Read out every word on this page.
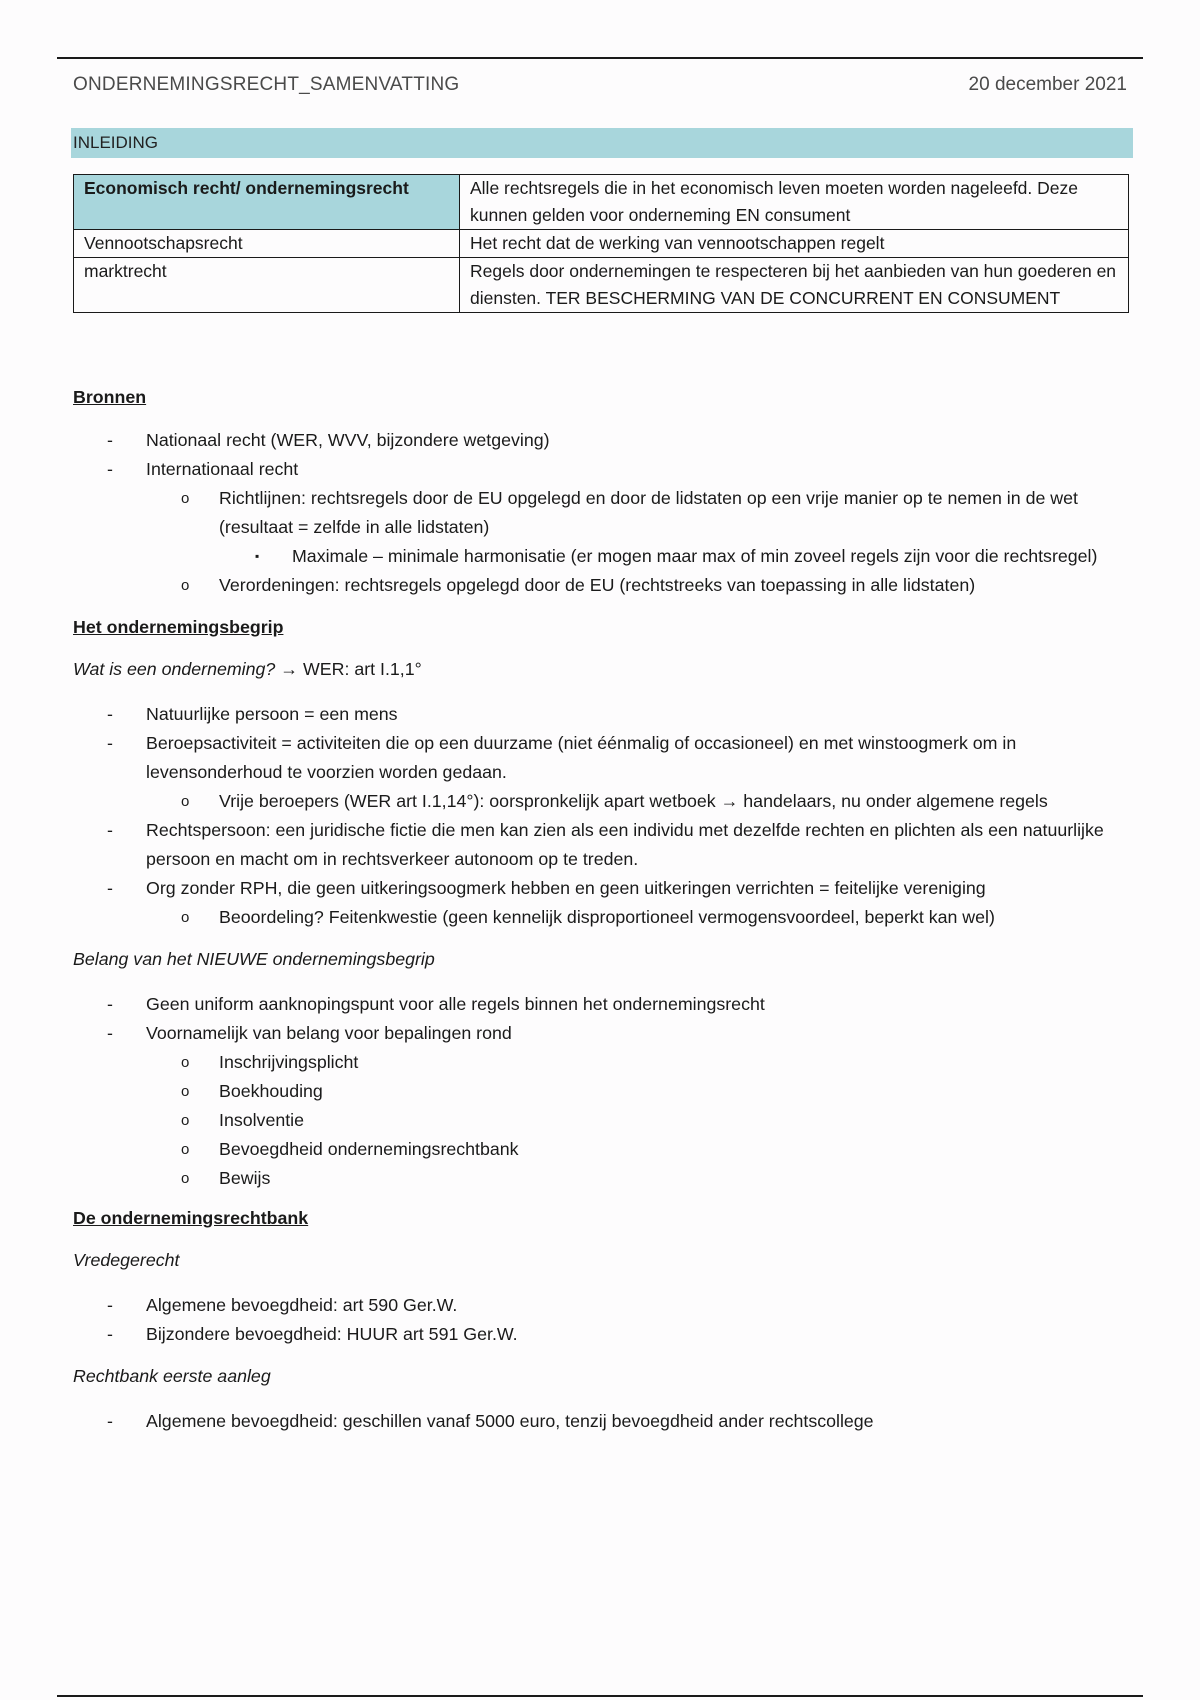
ONDERNEMINGSRECHT_SAMENVATTING	20 december 2021
INLEIDING
Economisch recht/ ondernemingsrecht	Alle rechtsregels die in het economisch leven moeten worden nageleefd. Deze kunnen gelden voor onderneming EN consument
Vennootschapsrecht	Het recht dat de werking van vennootschappen regelt
marktrecht	Regels door ondernemingen te respecteren bij het aanbieden van hun goederen en diensten. TER BESCHERMING VAN DE CONCURRENT EN CONSUMENT

Bronnen

- Nationaal recht (WER, WVV, bijzondere wetgeving)
- Internationaal recht
o Richtlijnen: rechtsregels door de EU opgelegd en door de lidstaten op een vrije manier op te nemen in de wet (resultaat = zelfde in alle lidstaten)
▪ Maximale – minimale harmonisatie (er mogen maar max of min zoveel regels zijn voor die rechtsregel)
o Verordeningen: rechtsregels opgelegd door de EU (rechtstreeks van toepassing in alle lidstaten)

Het ondernemingsbegrip

Wat is een onderneming? → WER: art I.1,1°

- Natuurlijke persoon = een mens
- Beroepsactiviteit = activiteiten die op een duurzame (niet éénmalig of occasioneel) en met winstoogmerk om in levensonderhoud te voorzien worden gedaan.
o Vrije beroepers (WER art I.1,14°): oorspronkelijk apart wetboek → handelaars, nu onder algemene regels
- Rechtspersoon: een juridische fictie die men kan zien als een individu met dezelfde rechten en plichten als een natuurlijke persoon en macht om in rechtsverkeer autonoom op te treden.
- Org zonder RPH, die geen uitkeringsoogmerk hebben en geen uitkeringen verrichten = feitelijke vereniging
o Beoordeling? Feitenkwestie (geen kennelijk disproportioneel vermogensvoordeel, beperkt kan wel)

Belang van het NIEUWE ondernemingsbegrip

- Geen uniform aanknopingspunt voor alle regels binnen het ondernemingsrecht
- Voornamelijk van belang voor bepalingen rond
o Inschrijvingsplicht
o Boekhouding
o Insolventie
o Bevoegdheid ondernemingsrechtbank
o Bewijs

De ondernemingsrechtbank

Vredegerecht

- Algemene bevoegdheid: art 590 Ger.W.
- Bijzondere bevoegdheid: HUUR art 591 Ger.W.

Rechtbank eerste aanleg

- Algemene bevoegdheid: geschillen vanaf 5000 euro, tenzij bevoegdheid ander rechtscollege
